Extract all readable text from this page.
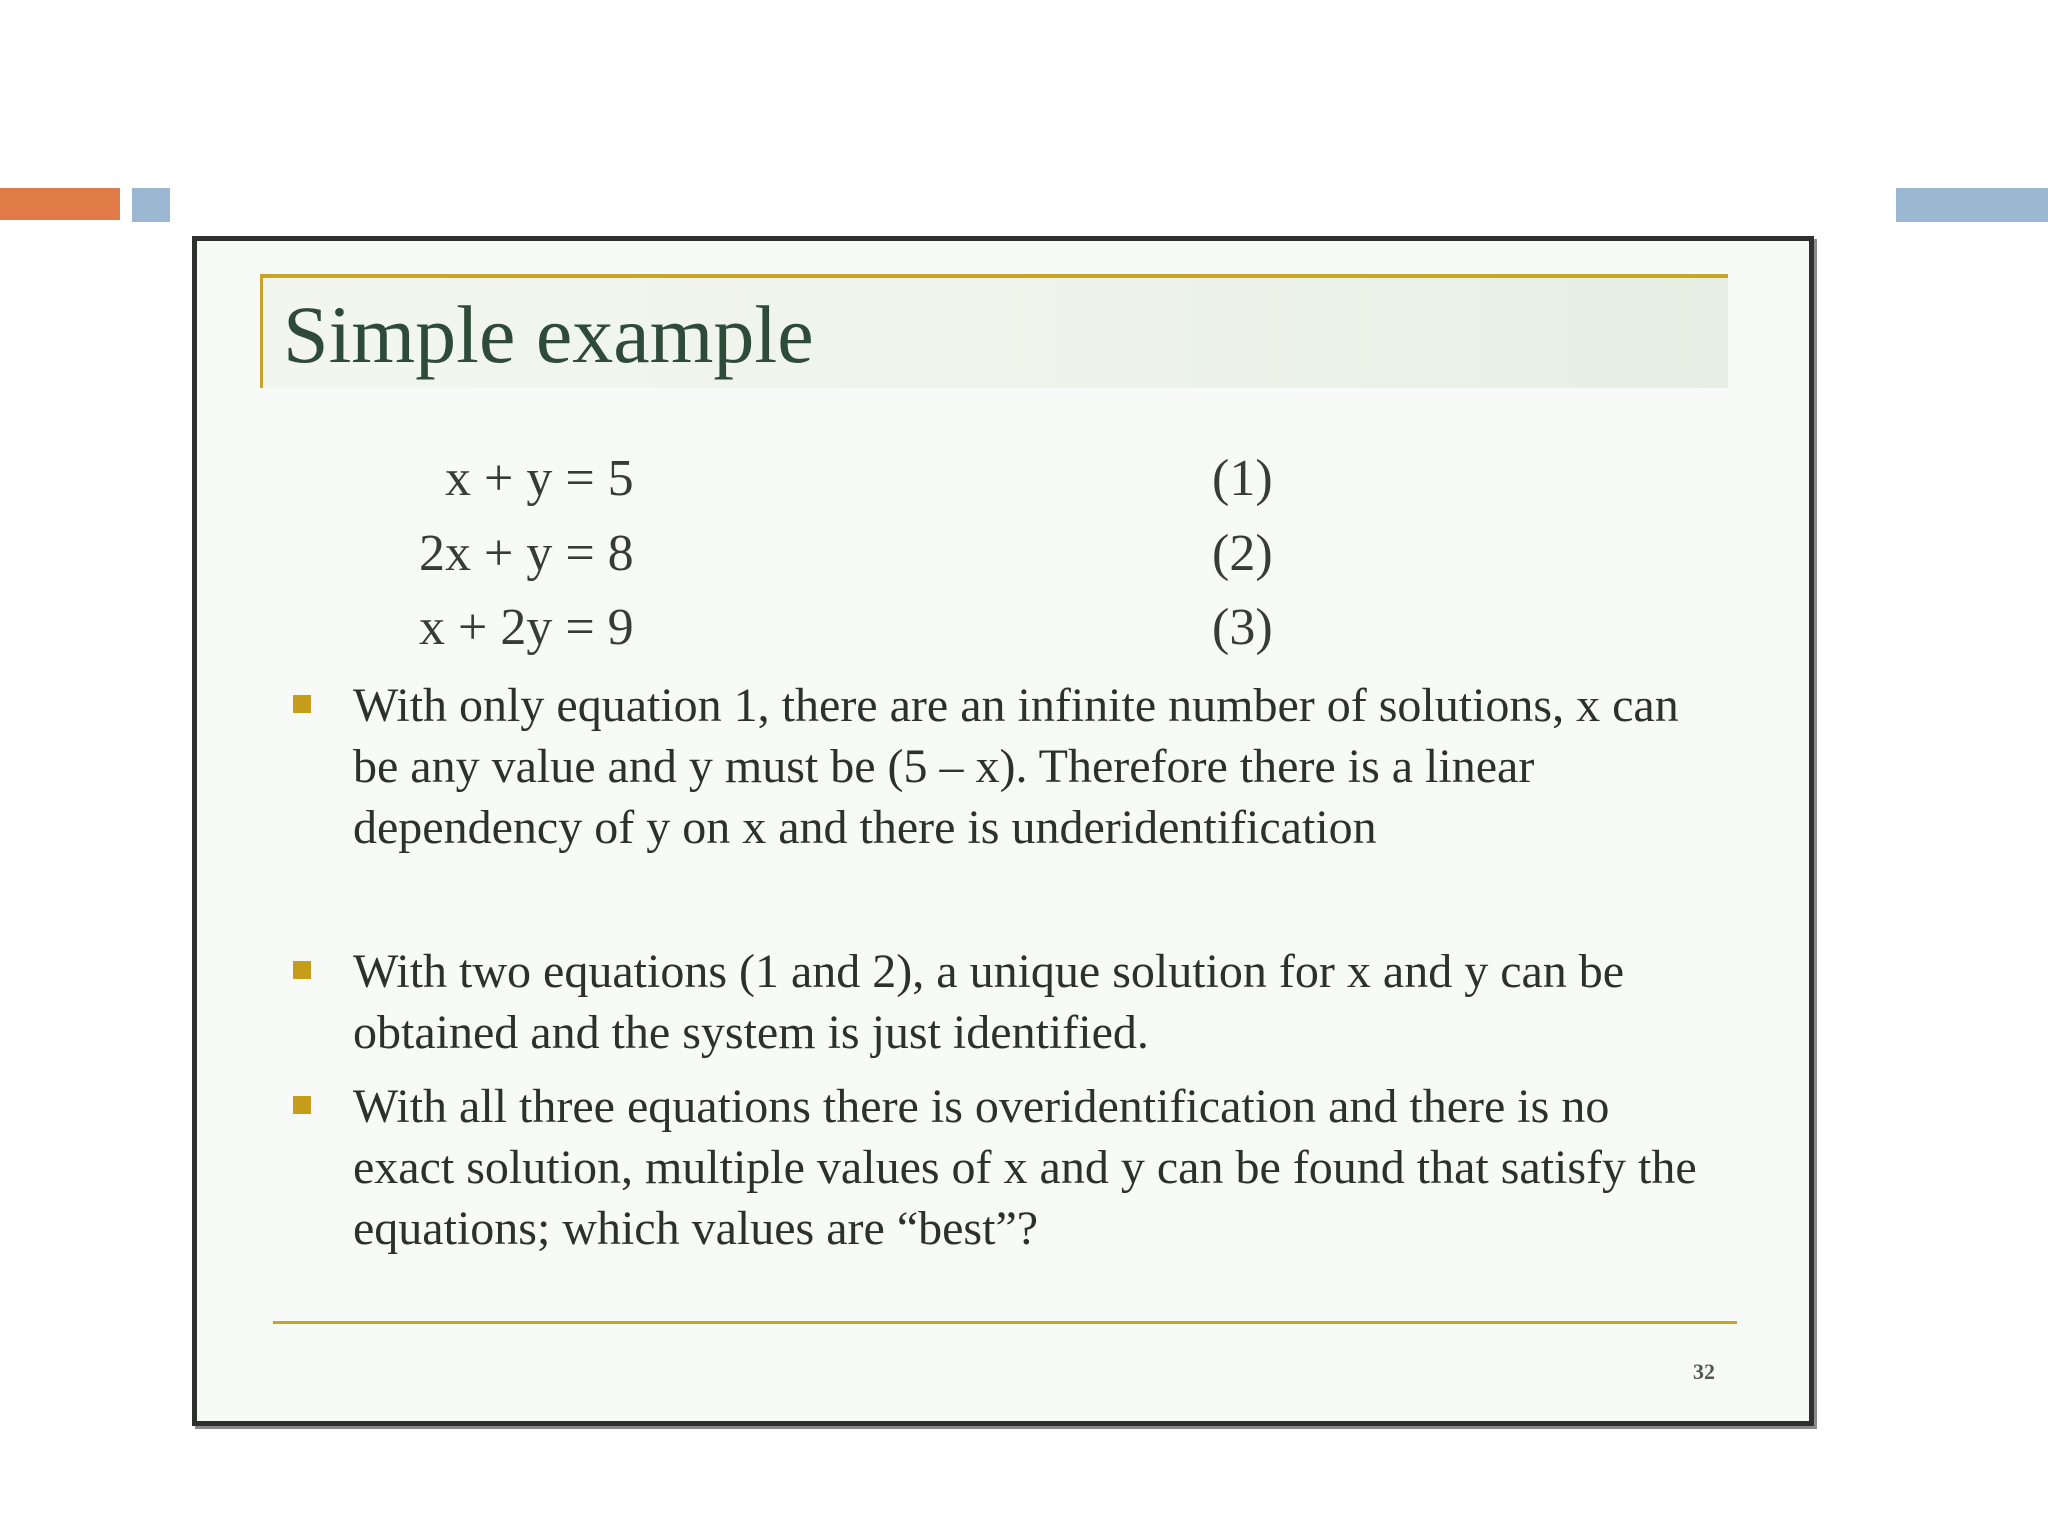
Simple example
x + y = 5	(1)
2x + y = 8	(2)
x + 2y = 9	(3)
With only equation 1, there are an infinite number of solutions, x can be any value and y must be (5 – x). Therefore there is a linear dependency of y on x and there is underidentification
With two equations (1 and 2), a unique solution for x and y can be obtained and the system is just identified.
With all three equations there is overidentification and there is no exact solution, multiple values of x and y can be found that satisfy the equations; which values are “best”?
32
